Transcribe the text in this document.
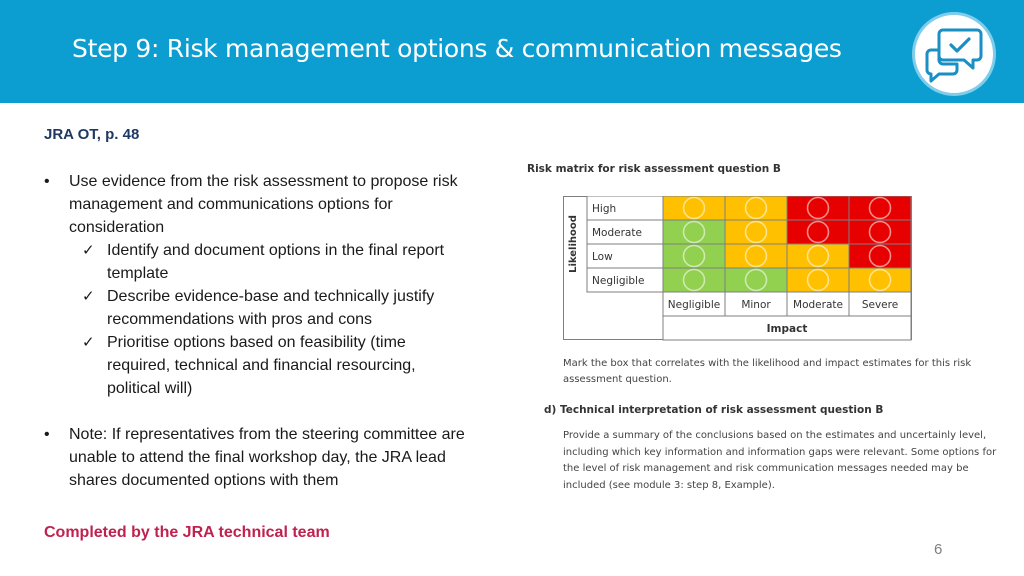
Step 9: Risk management options & communication messages
JRA OT, p. 48
• Use evidence from the risk assessment to propose risk
management and communications options for
consideration
✓ Identify and document options in the final report
template
✓ Describe evidence-base and technically justify
recommendations with pros and cons
✓ Prioritise options based on feasibility (time
required, technical and financial resourcing,
political will)
• Note: If representatives from the steering committee are
unable to attend the final workshop day, the JRA lead
shares documented options with them
Risk matrix for risk assessment question B
Likelihood
High
Moderate
Low
Negligible
Negligible Minor Moderate Severe
Impact
Mark the box that correlates with the likelihood and impact estimates for this risk assessment question.
d) Technical interpretation of risk assessment question B
Provide a summary of the conclusions based on the estimates and uncertainly level, including which key information and information gaps were relevant. Some options for the level of risk management and risk communication messages needed may be included (see module 3: step 8, Example).
Completed by the JRA technical team
6
